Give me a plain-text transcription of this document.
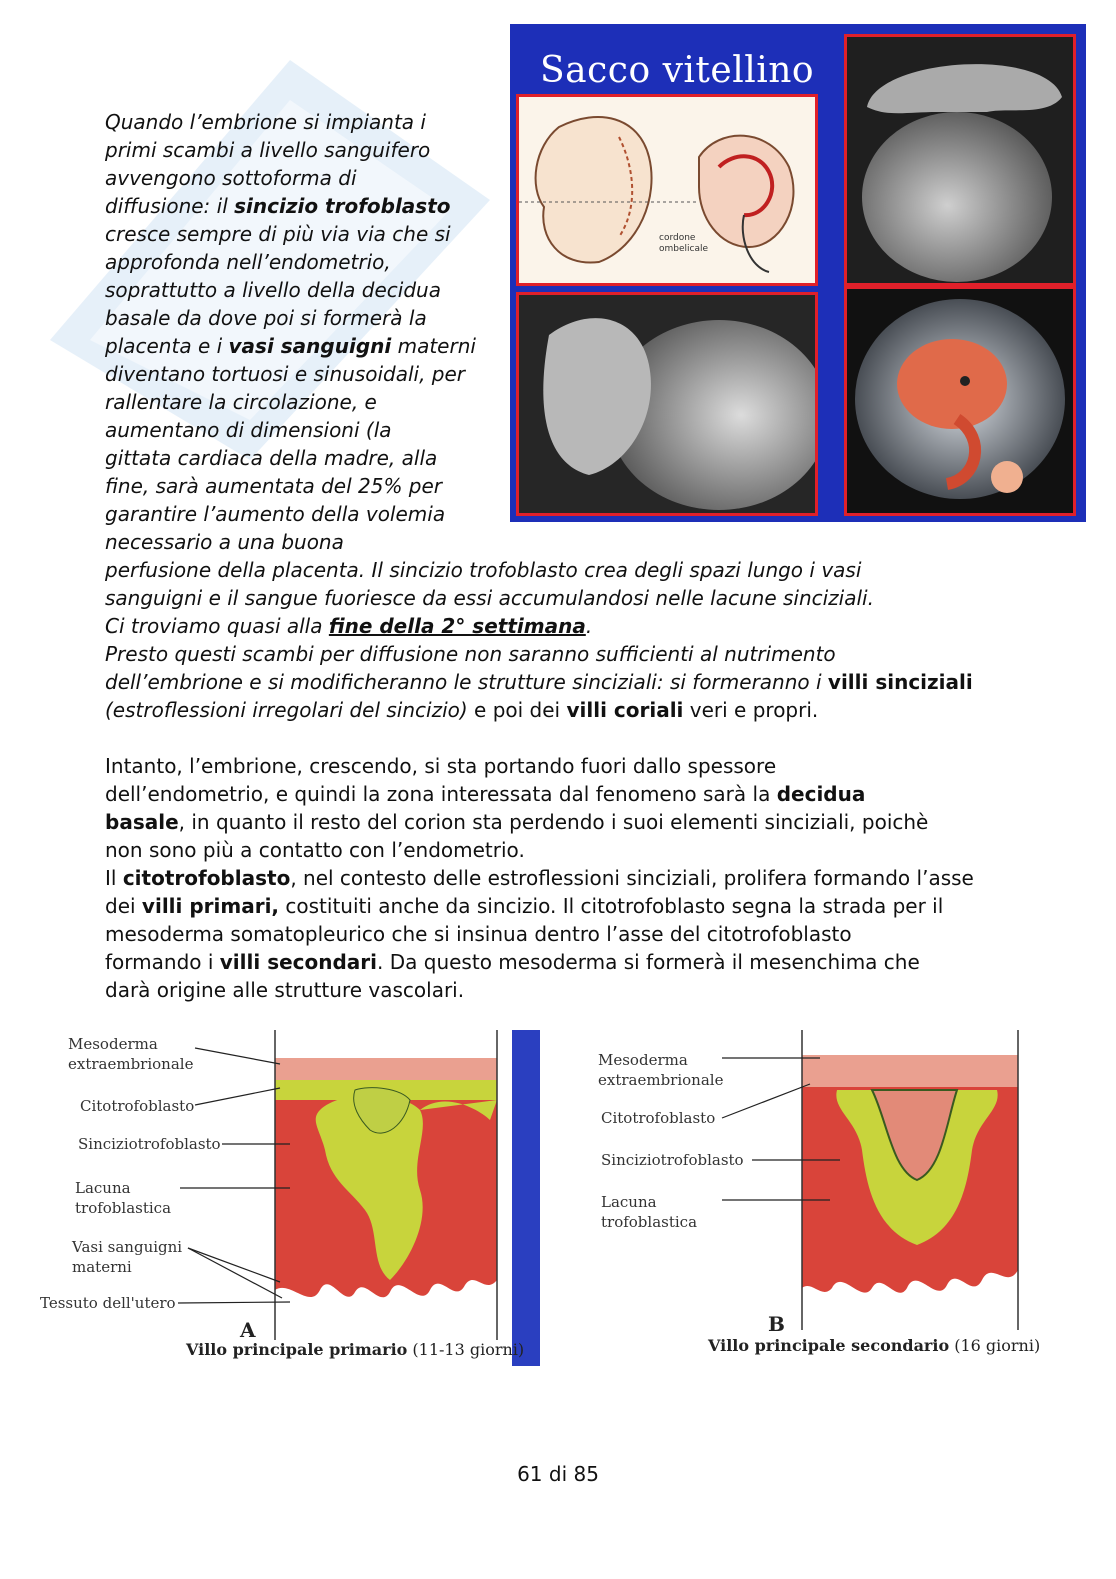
Sacco vitellino
cordone ombelicale
Quando l’embrione si impianta i
primi scambi a livello sanguifero
avvengono sottoforma di
diffusione: il sincizio trofoblasto
cresce sempre di più via via che si
approfonda nell’endometrio,
soprattutto a livello della decidua
basale da dove poi si formerà la
placenta e i vasi sanguigni materni
diventano tortuosi e sinusoidali, per
rallentare la circolazione, e
aumentano di dimensioni (la
gittata cardiaca della madre, alla
fine, sarà aumentata del 25% per
garantire l’aumento della volemia
necessario a una buona
perfusione della placenta. Il sincizio trofoblasto crea degli spazi lungo i vasi
sanguigni e il sangue fuoriesce da essi accumulandosi nelle lacune sinciziali.
Ci troviamo quasi alla fine della 2° settimana.
Presto questi scambi per diffusione non saranno sufficienti al nutrimento
dell’embrione e si modificheranno le strutture sinciziali: si formeranno i villi sinciziali
(estroflessioni irregolari del sincizio) e poi dei villi coriali veri e propri.
Intanto, l’embrione, crescendo, si sta portando fuori dallo spessore
dell’endometrio, e quindi la zona interessata dal fenomeno sarà la decidua
basale, in quanto il resto del corion sta perdendo i suoi elementi sinciziali, poichè
non sono più a contatto con l’endometrio.
Il citotrofoblasto, nel contesto delle estroflessioni sinciziali, prolifera formando l’asse
dei villi primari, costituiti anche da sincizio. Il citotrofoblasto segna la strada per il
mesoderma somatopleurico che si insinua dentro l’asse del citotrofoblasto
formando i villi secondari. Da questo mesoderma si formerà il mesenchima che
darà origine alle strutture vascolari.
Mesoderma
extraembrionale
Citotrofoblasto
Sinciziotrofoblasto
Lacuna
trofoblastica
Vasi sanguigni
materni
Tessuto dell'utero
A
Villo principale primario (11-13 giorni)
Mesoderma
extraembrionale
Citotrofoblasto
Sinciziotrofoblasto
Lacuna
trofoblastica
B
Villo principale secondario (16 giorni)
61 di 85
